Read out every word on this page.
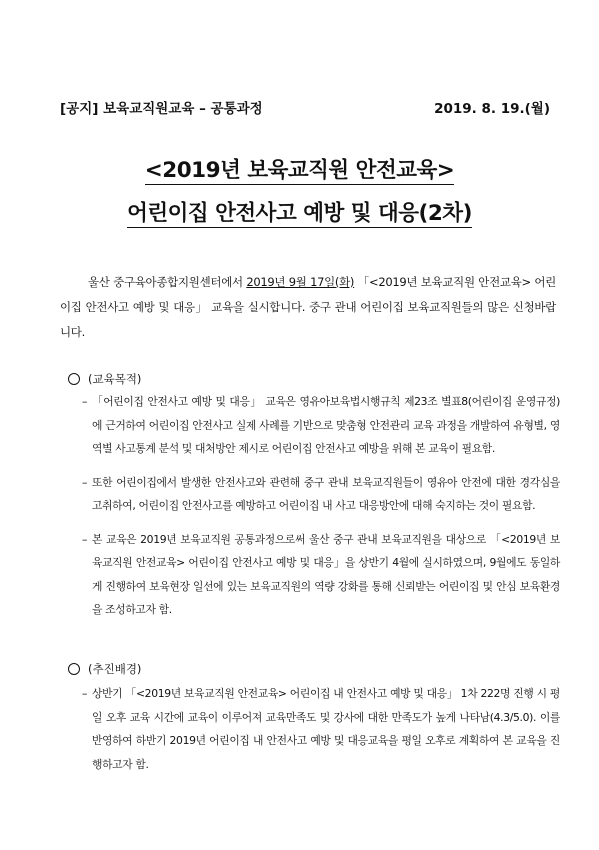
[공지] 보육교직원교육 – 공통과정	2019. 8. 19.(월)
<2019년 보육교직원 안전교육>
어린이집 안전사고 예방 및 대응(2차)
울산 중구육아종합지원센터에서 2019년 9월 17일(화) 「<2019년 보육교직원 안전교육> 어린이집 안전사고 예방 및 대응」 교육을 실시합니다. 중구 관내 어린이집 보육교직원들의 많은 신청바랍니다.
(교육목적)
– 「어린이집 안전사고 예방 및 대응」 교육은 영유아보육법시행규칙 제23조 별표8(어린이집 운영규정)에 근거하여 어린이집 안전사고 실제 사례를 기반으로 맞춤형 안전관리 교육 과정을 개발하여 유형별, 영역별 사고통계 분석 및 대처방안 제시로 어린이집 안전사고 예방을 위해 본 교육이 필요함.
– 또한 어린이집에서 발생한 안전사고와 관련해 중구 관내 보육교직원들이 영유아 안전에 대한 경각심을 고취하여, 어린이집 안전사고를 예방하고 어린이집 내 사고 대응방안에 대해 숙지하는 것이 필요함.
– 본 교육은 2019년 보육교직원 공통과정으로써 울산 중구 관내 보육교직원을 대상으로 「<2019년 보육교직원 안전교육> 어린이집 안전사고 예방 및 대응」을 상반기 4월에 실시하였으며, 9월에도 동일하게 진행하여 보육현장 일선에 있는 보육교직원의 역량 강화를 통해 신뢰받는 어린이집 및 안심 보육환경을 조성하고자 함.
(추진배경)
– 상반기 「<2019년 보육교직원 안전교육> 어린이집 내 안전사고 예방 및 대응」 1차 222명 진행 시 평일 오후 교육 시간에 교육이 이루어져 교육만족도 및 강사에 대한 만족도가 높게 나타남(4.3/5.0). 이를 반영하여 하반기 2019년 어린이집 내 안전사고 예방 및 대응교육을 평일 오후로 계획하여 본 교육을 진행하고자 함.
